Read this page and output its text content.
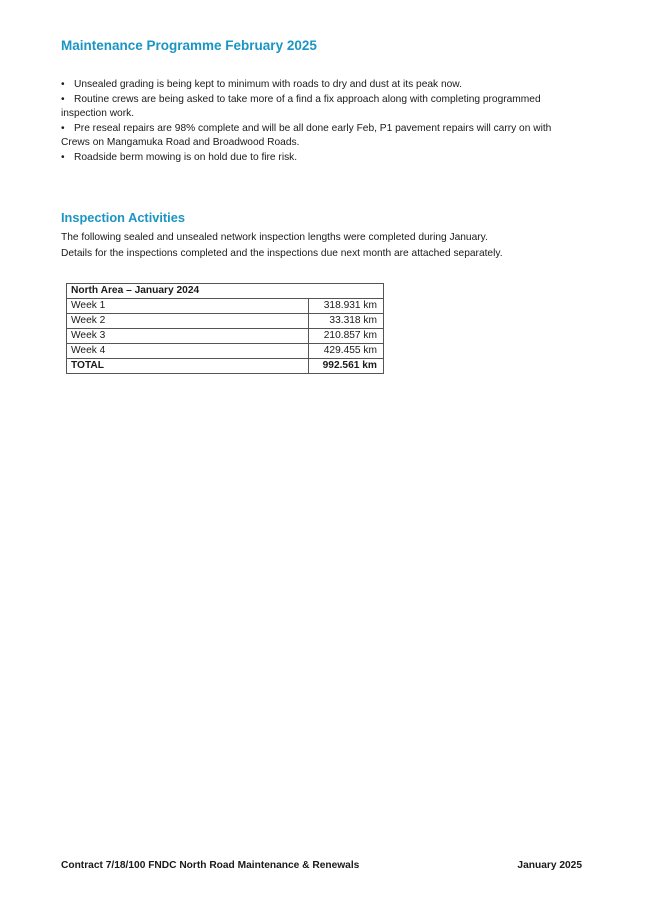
Maintenance Programme February 2025
• Unsealed grading is being kept to minimum with roads to dry and dust at its peak now.
• Routine crews are being asked to take more of a find a fix approach along with completing programmed inspection work.
• Pre reseal repairs are 98% complete and will be all done early Feb, P1 pavement repairs will carry on with Crews on Mangamuka Road and Broadwood Roads.
• Roadside berm mowing is on hold due to fire risk.
Inspection Activities

The following sealed and unsealed network inspection lengths were completed during January.

Details for the inspections completed and the inspections due next month are attached separately.

North Area – January 2024	
Week 1	318.931 km
Week 2	33.318 km
Week 3	210.857 km
Week 4	429.455 km
TOTAL	992.561 km
Contract 7/18/100 FNDC North Road Maintenance & Renewals	January 2025
